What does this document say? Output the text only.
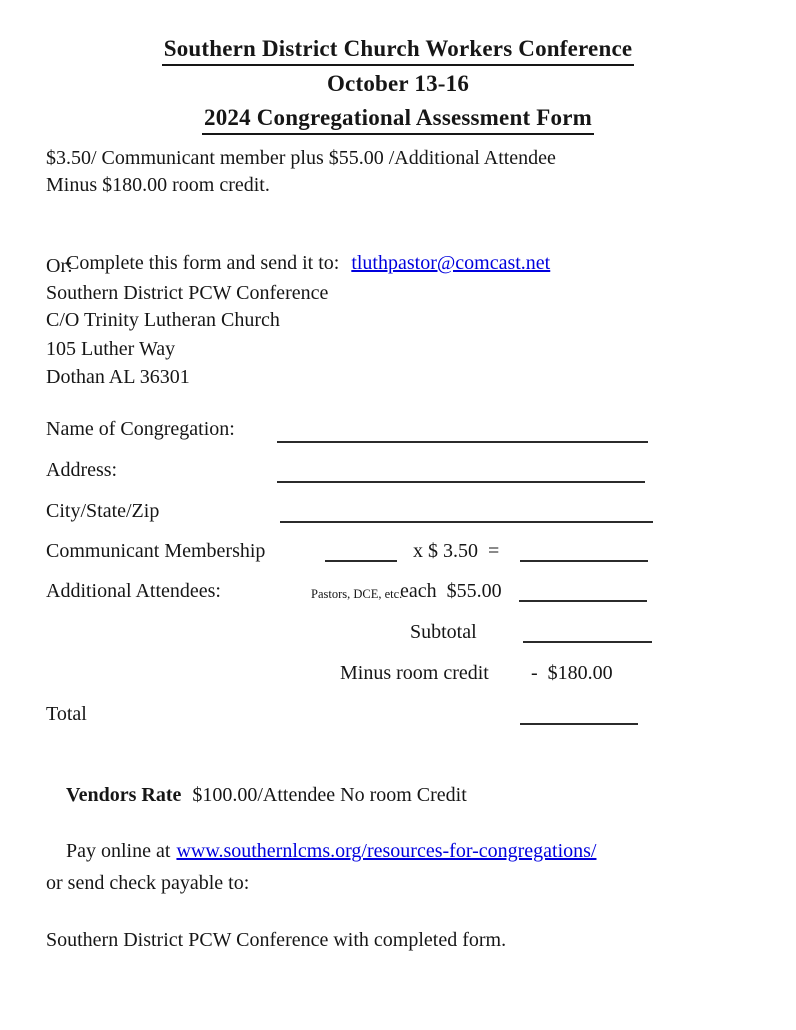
Southern District Church Workers Conference
October 13-16
2024 Congregational Assessment Form
$3.50/ Communicant member plus $55.00 /Additional Attendee
Minus $180.00 room credit.

Complete this form and send it to: tluthpastor@comcast.net

Or:
Southern District PCW Conference
C/O Trinity Lutheran Church
105 Luther Way
Dothan AL 36301
Name of Congregation:
Address:
City/State/Zip
Communicant Membership	x $ 3.50  =
Additional Attendees:	Pastors, DCE, etc.
each  $55.00
Subtotal
Minus room credit -  $180.00
Total

Vendors Rate $100.00/Attendee No room Credit

Pay online at www.southernlcms.org/resources-for-congregations/

or send check payable to:
Southern District PCW Conference with completed form.
